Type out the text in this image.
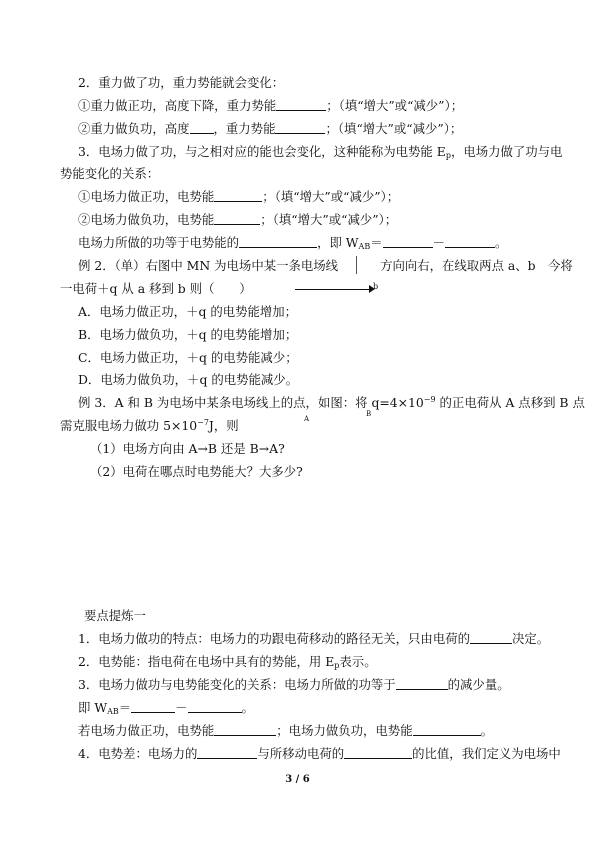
2．重力做了功，重力势能就会变化：
①重力做正功，高度下降，重力势能	；（填“增大”或“减少”）；
②重力做负功，高度 ，重力势能	；（填“增大”或“减少”）；
3．电场力做了功，与之相对应的能也会变化，这种能称为电势能 $E_p$，电场力做了功与电
势能变化的关系：
①电场力做正功，电势能	；（填“增大”或“减少”）；
②电场力做负功，电势能	；（填“增大”或“减少”）；
电场力所做的功等于电势能的	，即 $W_{AB}=$	－	。
例 2．（单）右图中 MN 为电场中某一条电场线	方向向右，在线取两点 a、b　今将
一电荷＋q 从 a 移到 b 则（　　）	b
A．电场力做正功，＋q 的电势能增加；
B．电场力做负功，＋q 的电势能增加；
C．电场力做正功，＋q 的电势能减少；
D．电场力做负功，＋q 的电势能减少。
例 3．A 和 B 为电场中某条电场线上的点，如图：将 $q=4\times 10^{-9}$ 的正电荷从 A 点移到 B 点
需克服电场力做功 $5\times 10^{-7}J$，则	A
B
（1）电场方向由 A→B 还是 B→A?
（2）电荷在哪点时电势能大？大多少?
要点提炼一
1．电场力做功的特点：电场力的功跟电荷移动的路径无关，只由电荷的	决定。
2．电势能：指电荷在电场中具有的势能，用 $E_p$表示。
3．电场力做功与电势能变化的关系：电场力所做的功等于	的减少量。
即 $W_{AB}=$	－	。
若电场力做正功，电势能	；电场力做负功，电势能	。
4．电势差：电场力的	与所移动电荷的	的比值，我们定义为电场中
3 / 6
